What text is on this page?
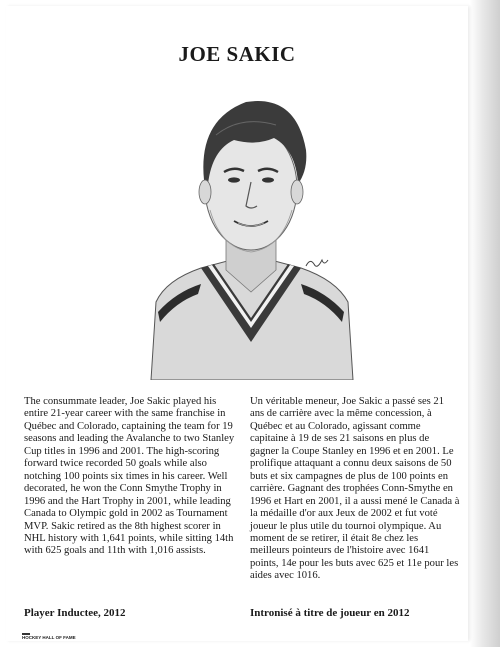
JOE SAKIC

The consummate leader, Joe Sakic played his entire 21-year career with the same franchise in Québec and Colorado, captaining the team for 19 seasons and leading the Avalanche to two Stanley Cup titles in 1996 and 2001. The high-scoring forward twice recorded 50 goals while also notching 100 points six times in his career. Well decorated, he won the Conn Smythe Trophy in 1996 and the Hart Trophy in 2001, while leading Canada to Olympic gold in 2002 as Tournament MVP. Sakic retired as the 8th highest scorer in NHL history with 1,641 points, while sitting 14th with 625 goals and 11th with 1,016 assists.

Un véritable meneur, Joe Sakic a passé ses 21 ans de carrière avec la même concession, à Québec et au Colorado, agissant comme capitaine à 19 de ses 21 saisons en plus de gagner la Coupe Stanley en 1996 et en 2001. Le prolifique attaquant a connu deux saisons de 50 buts et six campagnes de plus de 100 points en carrière. Gagnant des trophées Conn-Smythe en 1996 et Hart en 2001, il a aussi mené le Canada à la médaille d'or aux Jeux de 2002 et fut voté joueur le plus utile du tournoi olympique. Au moment de se retirer, il était 8e chez les meilleurs pointeurs de l'histoire avec 1641 points, 14e pour les buts avec 625 et 11e pour les aides avec 1016.

Player Inductee, 2012	Intronisé à titre de joueur en 2012

HOCKEY HALL OF FAME
